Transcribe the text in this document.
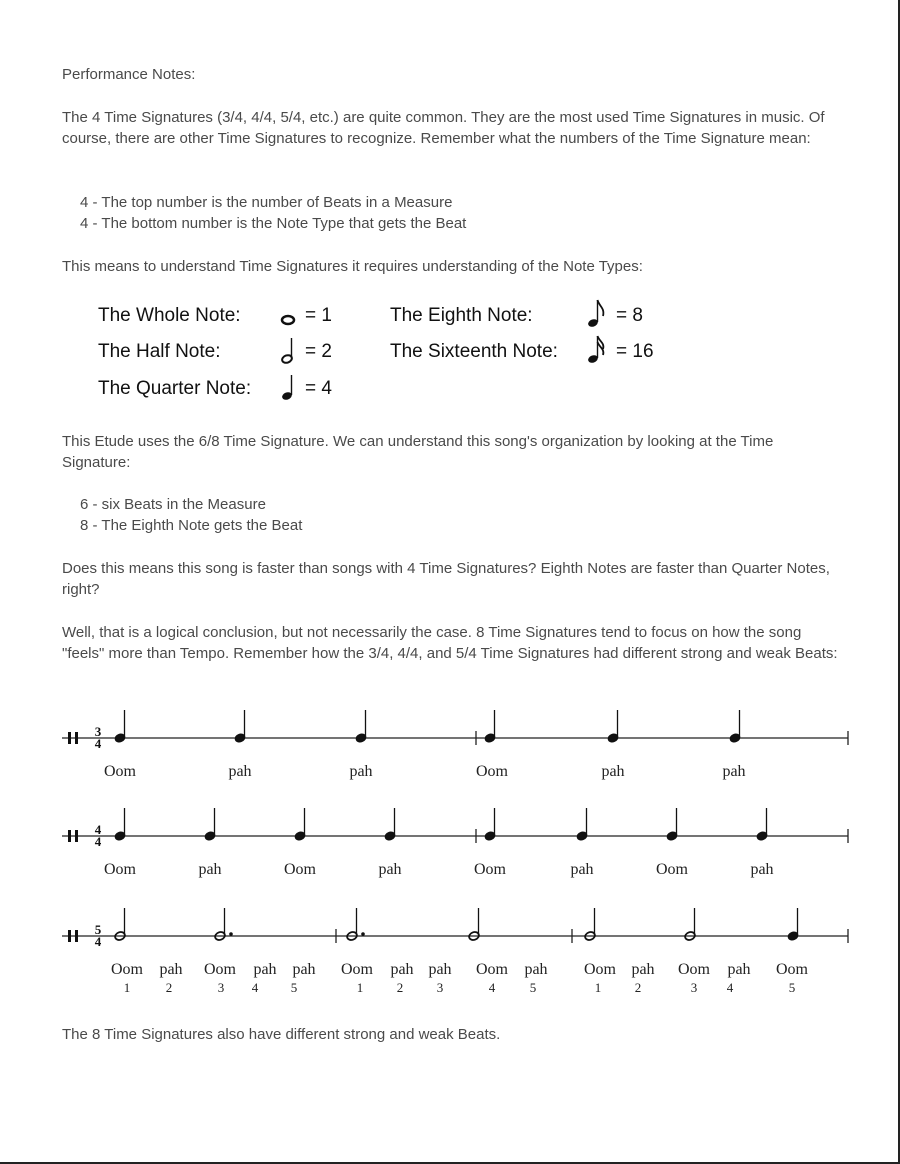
Performance Notes:
The 4 Time Signatures (3/4, 4/4, 5/4, etc.) are quite common. They are the most used Time Signatures in music. Of course, there are other Time Signatures to recognize. Remember what the numbers of the Time Signature mean:
4 - The top number is the number of Beats in a Measure
4 - The bottom number is the Note Type that gets the Beat
This means to understand Time Signatures it requires understanding of the Note Types:
The Whole Note:	= 1
The Half Note:	= 2
The Quarter Note:	= 4
The Eighth Note:	= 8
The Sixteenth Note:	= 16
This Etude uses the 6/8 Time Signature. We can understand this song's organization by looking at the Time Signature:
6 - six Beats in the Measure
8 - The Eighth Note gets the Beat
Does this means this song is faster than songs with 4 Time Signatures? Eighth Notes are faster than Quarter Notes, right?
Well, that is a logical conclusion, but not necessarily the case. 8 Time Signatures tend to focus on how the song "feels" more than Tempo. Remember how the 3/4, 4/4, and 5/4 Time Signatures had different strong and weak Beats:
3
4
Oom	pah	pah	Oom	pah	pah
4
4
Oom	pah	Oom	pah	Oom	pah	Oom	pah
5
4
Oom pah Oom pah pah Oom pah pah Oom pah Oom pah Oom pah Oom
1	2	3 4	5	1	2	3	4	5	1	2	3 4	5
The 8 Time Signatures also have different strong and weak Beats.
